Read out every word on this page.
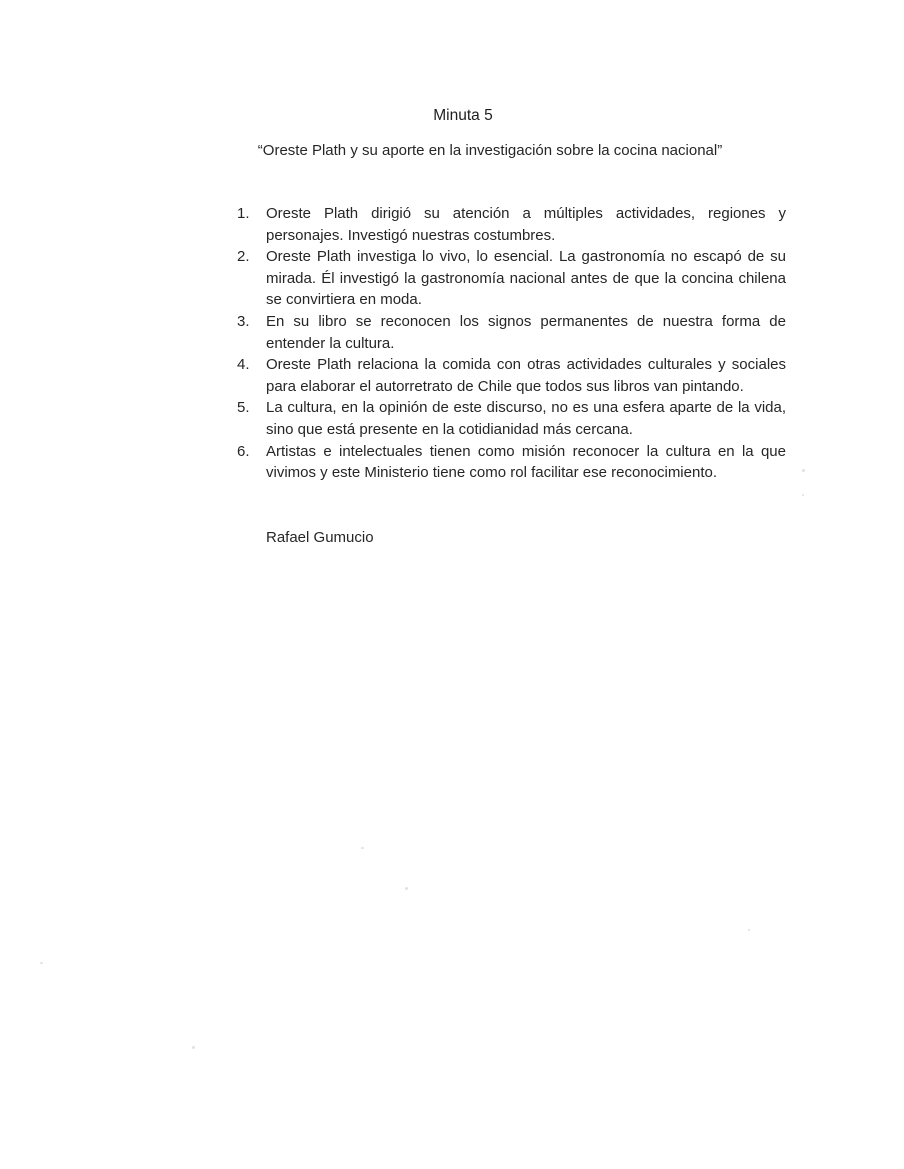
Minuta 5
“Oreste Plath y su aporte en la investigación sobre la cocina nacional”
1.	Oreste Plath dirigió su atención a múltiples actividades, regiones y personajes. Investigó nuestras costumbres.
2.	Oreste Plath investiga lo vivo, lo esencial. La gastronomía no escapó de su mirada. Él investigó la gastronomía nacional antes de que la concina chilena se convirtiera en moda.
3.	En su libro se reconocen los signos permanentes de nuestra forma de entender la cultura.
4.	Oreste Plath relaciona la comida con otras actividades culturales y sociales para elaborar el autorretrato de Chile que todos sus libros van pintando.
5.	La cultura, en la opinión de este discurso, no es una esfera aparte de la vida, sino que está presente en la cotidianidad más cercana.
6.	Artistas e intelectuales tienen como misión reconocer la cultura en la que vivimos y este Ministerio tiene como rol facilitar ese reconocimiento.
Rafael Gumucio
